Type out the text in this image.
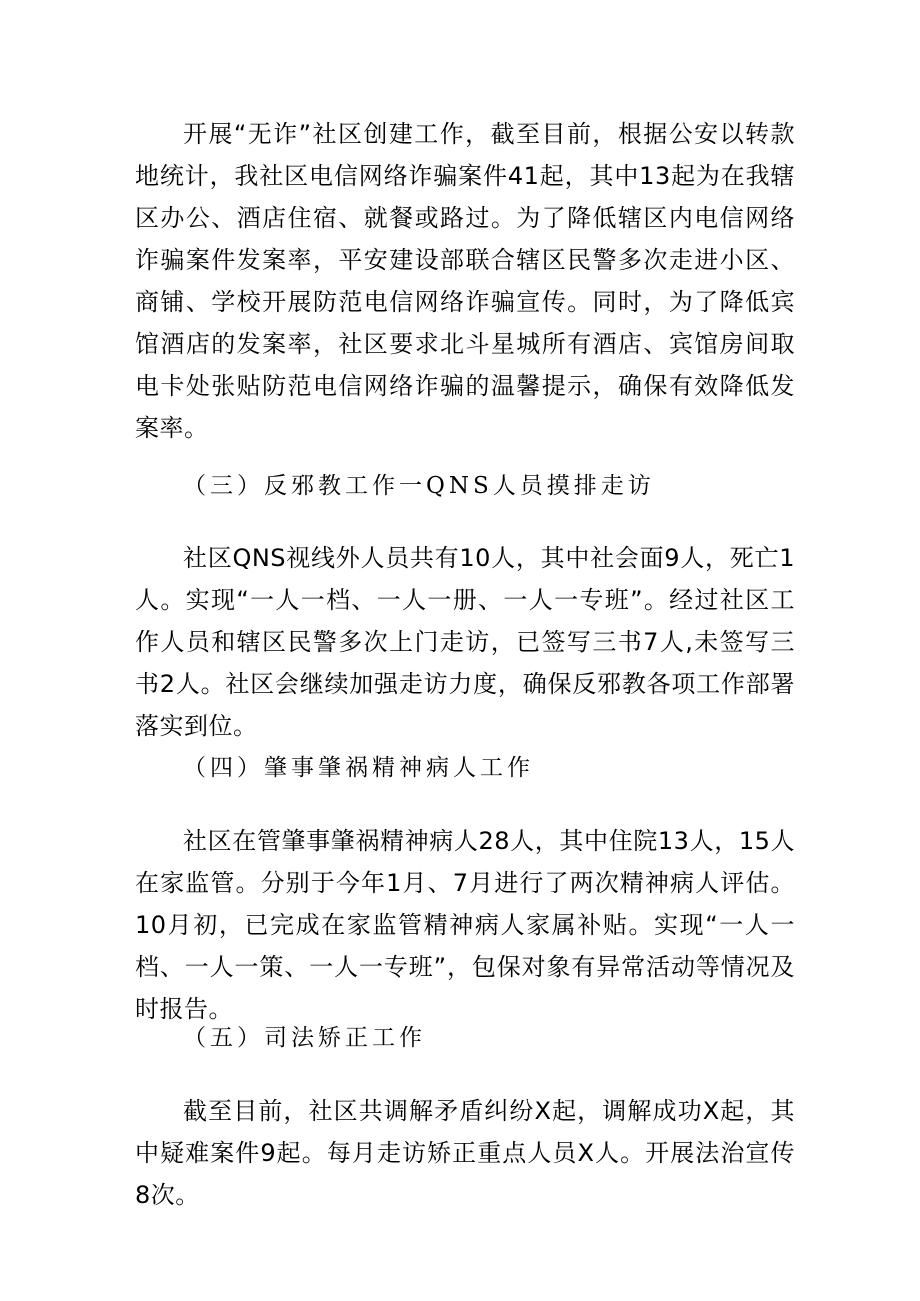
开展“无诈”社区创建工作，截至目前，根据公安以转款地统计，我社区电信网络诈骗案件41起，其中13起为在我辖区办公、酒店住宿、就餐或路过。为了降低辖区内电信网络诈骗案件发案率，平安建设部联合辖区民警多次走进小区、商铺、学校开展防范电信网络诈骗宣传。同时，为了降低宾馆酒店的发案率，社区要求北斗星城所有酒店、宾馆房间取电卡处张贴防范电信网络诈骗的温馨提示，确保有效降低发案率。

（三）反邪教工作一QNS人员摸排走访

社区QNS视线外人员共有10人，其中社会面9人，死亡1人。实现“一人一档、一人一册、一人一专班”。经过社区工作人员和辖区民警多次上门走访，已签写三书7人,未签写三书2人。社区会继续加强走访力度，确保反邪教各项工作部署落实到位。

（四）肇事肇祸精神病人工作

社区在管肇事肇祸精神病人28人，其中住院13人，15人在家监管。分别于今年1月、7月进行了两次精神病人评估。10月初，已完成在家监管精神病人家属补贴。实现“一人一档、一人一策、一人一专班”，包保对象有异常活动等情况及时报告。

（五）司法矫正工作

截至目前，社区共调解矛盾纠纷X起，调解成功X起，其中疑难案件9起。每月走访矫正重点人员X人。开展法治宣传8次。
